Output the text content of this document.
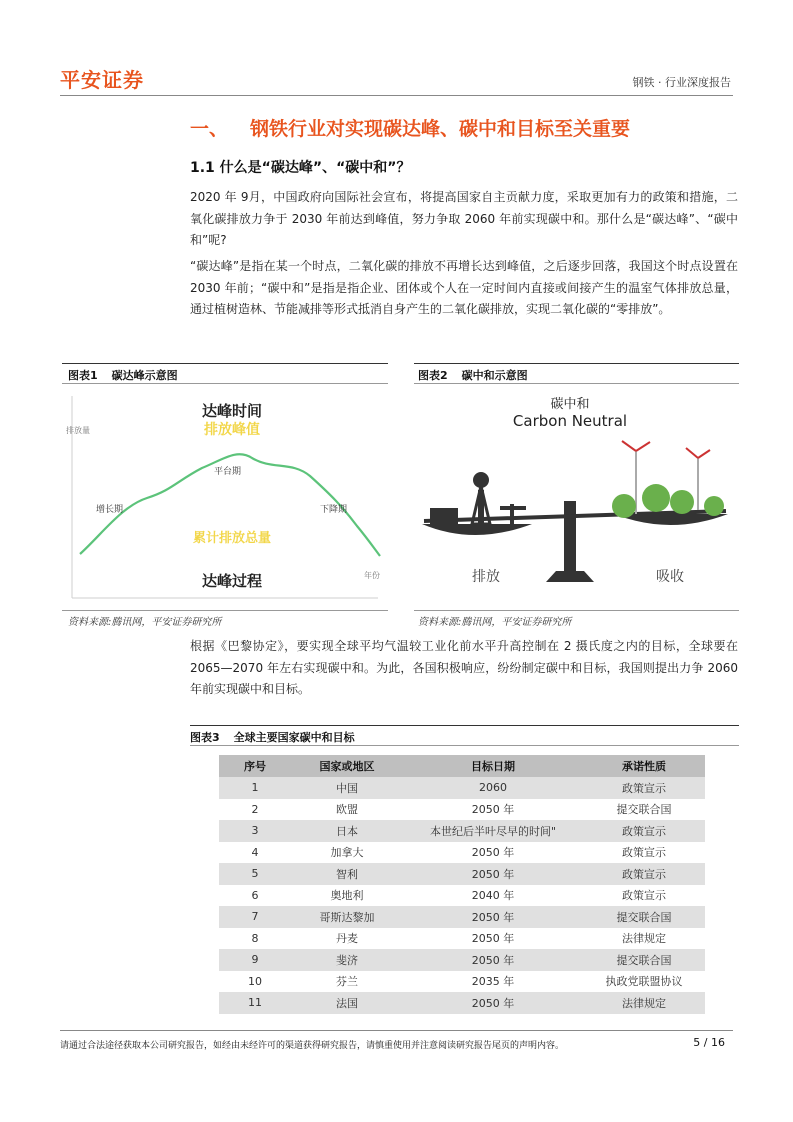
平安证券	钢铁 · 行业深度报告
一、 钢铁行业对实现碳达峰、碳中和目标至关重要
1.1 什么是“碳达峰”、“碳中和”？
2020 年 9月，中国政府向国际社会宣布，将提高国家自主贡献力度，采取更加有力的政策和措施，二氧化碳排放力争于 2030 年前达到峰值，努力争取 2060 年前实现碳中和。那什么是“碳达峰”、“碳中和”呢?
“碳达峰”是指在某一个时点，二氧化碳的排放不再增长达到峰值，之后逐步回落，我国这个时点设置在 2030 年前；“碳中和”是指是指企业、团体或个人在一定时间内直接或间接产生的温室气体排放总量，通过植树造林、节能减排等形式抵消自身产生的二氧化碳排放，实现二氧化碳的“零排放”。
图表1 碳达峰示意图
达峰时间
排放峰值
排放量
增长期
平台期
下降期
累计排放总量
达峰过程	年份
资料来源:腾讯网，平安证券研究所
图表2 碳中和示意图
碳中和
Carbon Neutral
排放	吸收
资料来源:腾讯网，平安证券研究所
根据《巴黎协定》，要实现全球平均气温较工业化前水平升高控制在 2 摄氏度之内的目标，全球要在 2065—2070 年左右实现碳中和。为此，各国积极响应，纷纷制定碳中和目标，我国则提出力争 2060 年前实现碳中和目标。
图表3 全球主要国家碳中和目标
序号	国家或地区	目标日期	承诺性质
1	中国	2060	政策宣示
2	欧盟	2050 年	提交联合国
3	日本	本世纪后半叶尽早的时间"	政策宣示
4	加拿大	2050 年	政策宣示
5	智利	2050 年	政策宣示
6	奥地利	2040 年	政策宣示
7	哥斯达黎加	2050 年	提交联合国
8	丹麦	2050 年	法律规定
9	斐济	2050 年	提交联合国
10	芬兰	2035 年	执政党联盟协议
11	法国	2050 年	法律规定
请通过合法途径获取本公司研究报告，如经由未经许可的渠道获得研究报告，请慎重使用并注意阅读研究报告尾页的声明内容。	5 / 16
